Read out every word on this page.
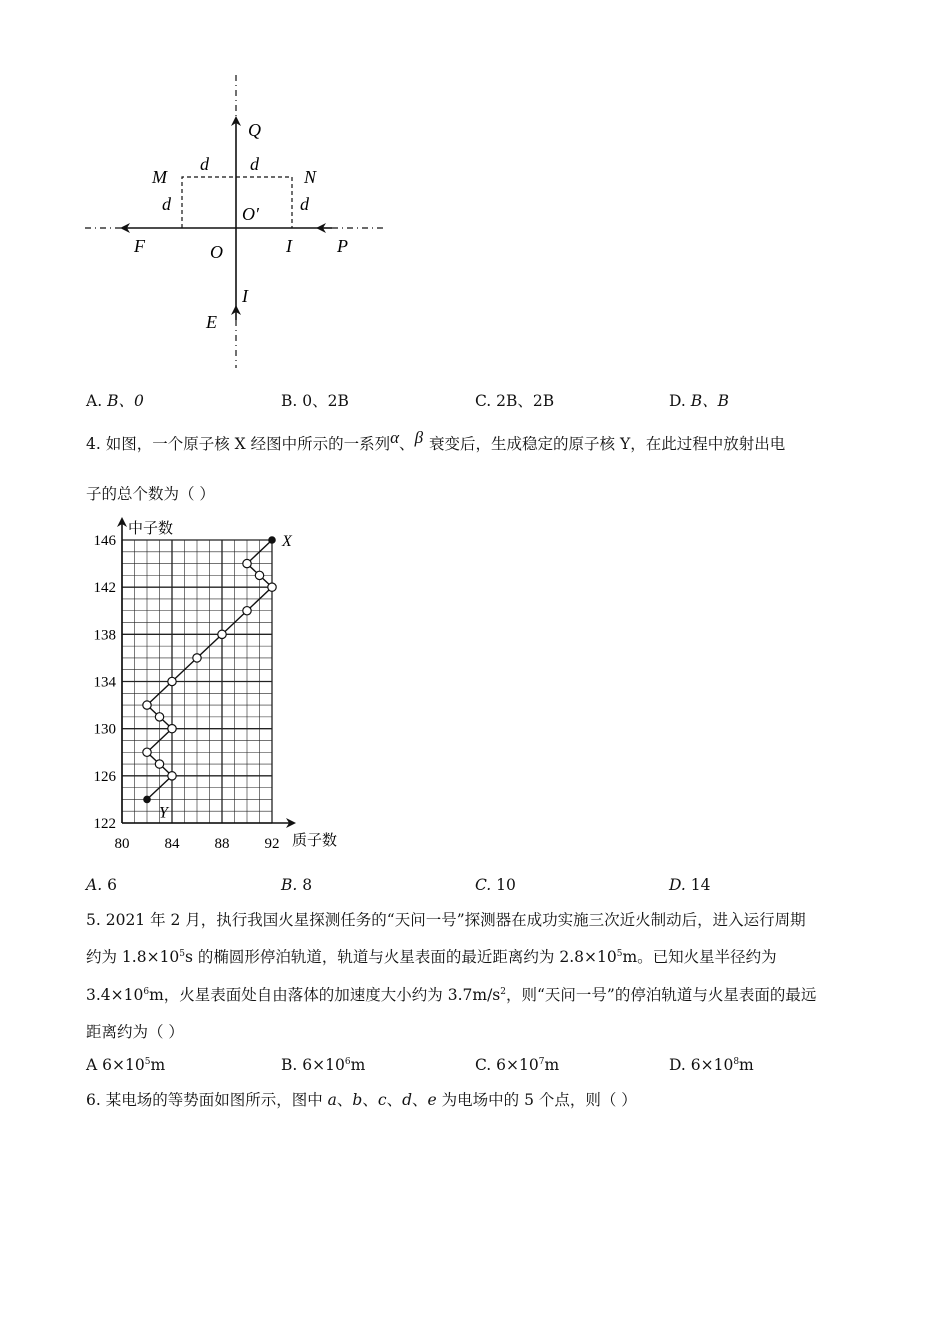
Q
M	N
d d
d	d
O′
F	O	I	P
I
E
A. B、0	B. 0、2B	C. 2B、2B	D. B、B
4. 如图，一个原子核 X 经图中所示的一系列α、β 衰变后，生成稳定的原子核 Y，在此过程中放射出电
子的总个数为（ ）
中子数
质子数
122
126
130
134
138
142
146
80 84 88 92
X
Y
A. 6	B. 8	C. 10	D. 14
5. 2021 年 2 月，执行我国火星探测任务的“天问一号”探测器在成功实施三次近火制动后，进入运行周期
约为 $1.8\times 10^5s$ 的椭圆形停泊轨道，轨道与火星表面的最近距离约为 $2.8\times 10^5m$。已知火星半径约为
$3.4\times 10^6m$，火星表面处自由落体的加速度大小约为 $3.7m/s^2$，则“天问一号”的停泊轨道与火星表面的最远
距离约为（ ）
A $6\times 10^5m$	B. $6\times 10^6m$	C. $6\times 10^7m$	D. $6\times 10^8m$
6. 某电场的等势面如图所示，图中 a、b、c、d、e 为电场中的 5 个点，则（ ）
